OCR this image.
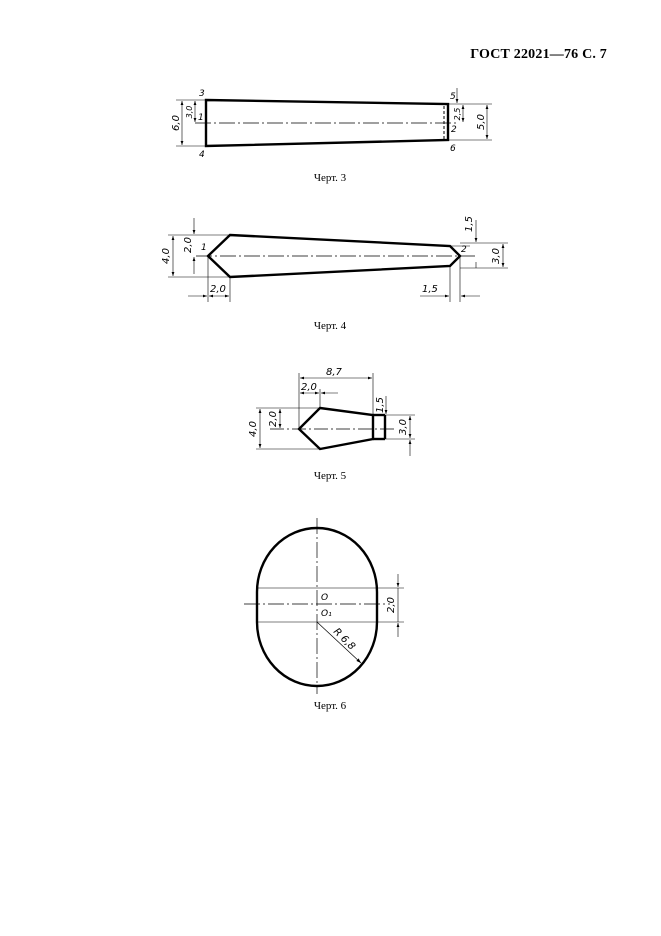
ГОСТ 22021—76 С. 7
6,0
3,0	2,5
5,0
1
2
3
4
5
6
4,0
2,0
2,0
1,5
3,0
1,5
1	2
8,7
2,0
4,0
2,0
1,5
3,0
O
O₁
R 6,8
2,0
Черт. 3
Черт. 4
Черт. 5
Черт. 6
